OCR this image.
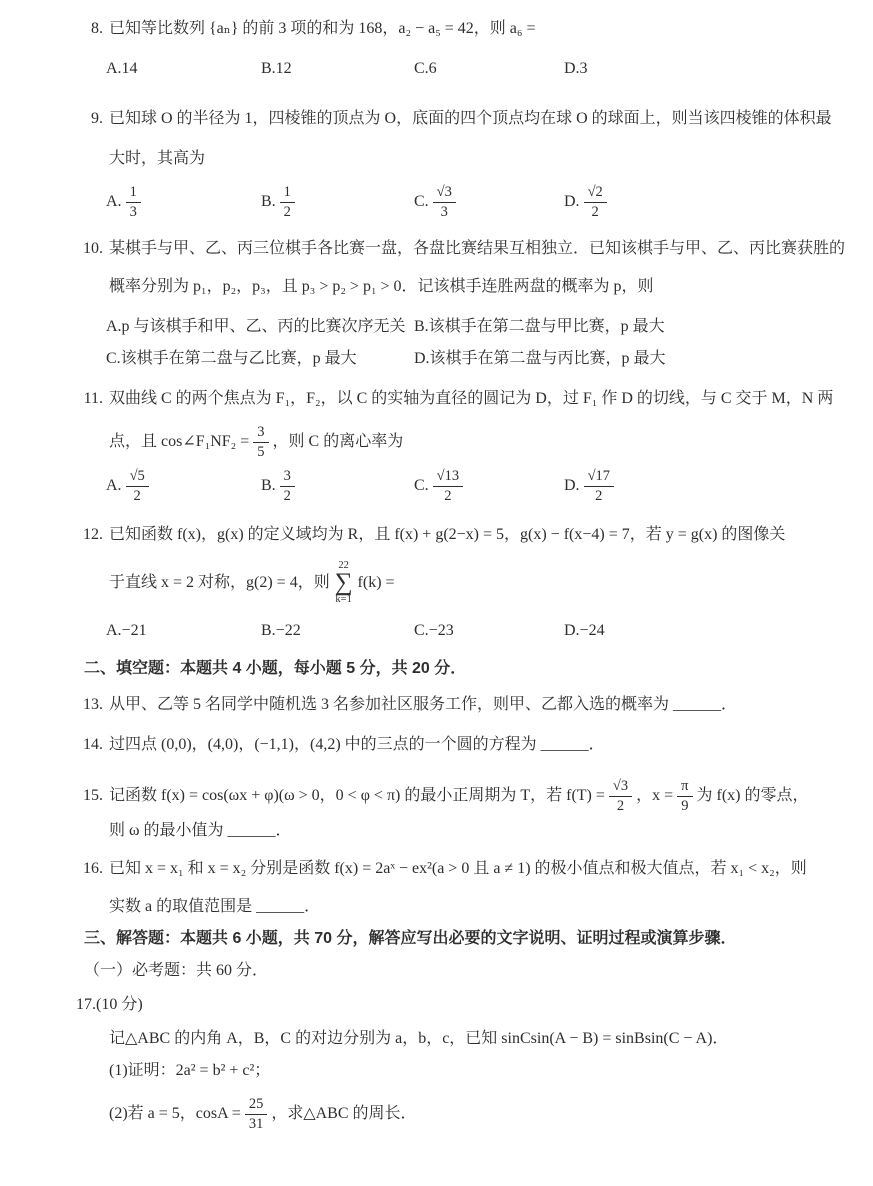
8. 已知等比数列 {aₙ} 的前 3 项的和为 168，a₂ − a₅ = 42，则 a₆ =
A.14	B.12	C.6	D.3
9. 已知球 O 的半径为 1，四棱锥的顶点为 O，底面的四个顶点均在球 O 的球面上，则当该四棱锥的体积最
大时，其高为
A. $\frac{1}{3}$	B. $\frac{1}{2}$	C. $\frac{√3}{3}$	D. $\frac{√2}{2}$
10. 某棋手与甲、乙、丙三位棋手各比赛一盘，各盘比赛结果互相独立．已知该棋手与甲、乙、丙比赛获胜的
概率分别为 p₁，p₂，p₃，且 p₃ > p₂ > p₁ > 0．记该棋手连胜两盘的概率为 p，则
A.p 与该棋手和甲、乙、丙的比赛次序无关 B.该棋手在第二盘与甲比赛，p 最大
C.该棋手在第二盘与乙比赛，p 最大	D.该棋手在第二盘与丙比赛，p 最大
11. 双曲线 C 的两个焦点为 F₁，F₂，以 C 的实轴为直径的圆记为 D，过 F₁ 作 D 的切线，与 C 交于 M，N 两
点，且 cos∠F₁NF₂ = $\frac{3}{5}$ ，则 C 的离心率为
A. $\frac{√5}{2}$	B. $\frac{3}{2}$	C. $\frac{√13}{2}$	D. $\frac{√17}{2}$
12. 已知函数 f(x)，g(x) 的定义域均为 R，且 f(x) + g(2−x) = 5，g(x) − f(x−4) = 7，若 y = g(x) 的图像关
于直线 x = 2 对称，g(2) = 4，则
22
∑
k=1
f(k) =
A.−21	B.−22	C.−23	D.−24
二、填空题：本题共 4 小题，每小题 5 分，共 20 分．
13. 从甲、乙等 5 名同学中随机选 3 名参加社区服务工作，则甲、乙都入选的概率为 ______．
14. 过四点 (0,0)，(4,0)，(−1,1)，(4,2) 中的三点的一个圆的方程为 ______．
15. 记函数 f(x) = cos(ωx + φ)(ω > 0，0 < φ < π) 的最小正周期为 T，若 $f(T) = \frac{√3}{2}$ ，$x = \frac{\pi}{9}$ 为 f(x) 的零点，
则 ω 的最小值为 ______．
16. 已知 x = x₁ 和 x = x₂ 分别是函数 f(x) = 2aˣ − ex²(a > 0 且 a ≠ 1) 的极小值点和极大值点，若 x₁ < x₂，则
实数 a 的取值范围是 ______．
三、解答题：本题共 6 小题，共 70 分，解答应写出必要的文字说明、证明过程或演算步骤．
（一）必考题：共 60 分．
17.(10 分)
记△ABC 的内角 A，B，C 的对边分别为 a，b，c，已知 sinCsin(A − B) = sinBsin(C − A)．
(1)证明：2a² = b² + c²；
(2)若 a = 5，$\cos A = \frac{25}{31}$ ，求△ABC 的周长．
